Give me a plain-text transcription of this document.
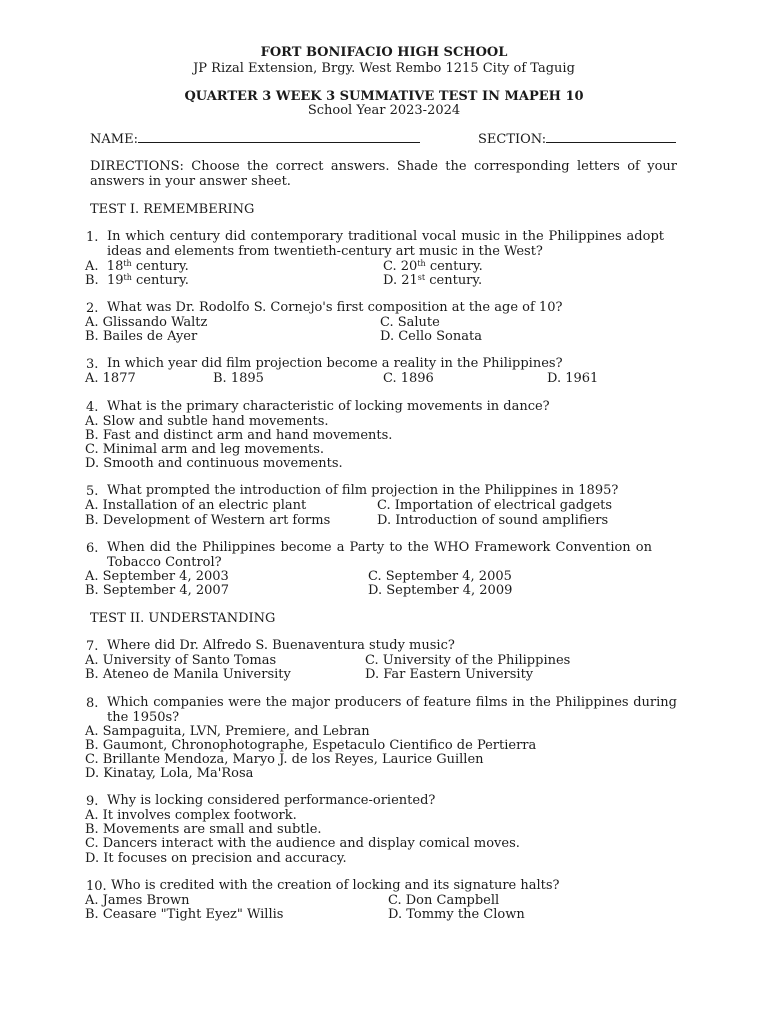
FORT BONIFACIO HIGH SCHOOL
JP Rizal Extension, Brgy. West Rembo 1215 City of Taguig
QUARTER 3 WEEK 3 SUMMATIVE TEST IN MAPEH 10
School Year 2023-2024
NAME:	SECTION:
DIRECTIONS: Choose the correct answers. Shade the corresponding letters of your answers in your answer sheet.
TEST I. REMEMBERING
1. In which century did contemporary traditional vocal music in the Philippines adopt ideas and elements from twentieth-century art music in the West?
A. 18th century.
B. 19th century.
C. 20th century.
D. 21st century.
2. What was Dr. Rodolfo S. Cornejo's first composition at the age of 10?
A. Glissando Waltz
B. Bailes de Ayer
C. Salute
D. Cello Sonata
3. In which year did film projection become a reality in the Philippines?
A. 1877	B. 1895	C. 1896	D. 1961
4. What is the primary characteristic of locking movements in dance?
A. Slow and subtle hand movements.
B. Fast and distinct arm and hand movements.
C. Minimal arm and leg movements.
D. Smooth and continuous movements.
5. What prompted the introduction of film projection in the Philippines in 1895?
A. Installation of an electric plant
B. Development of Western art forms
C. Importation of electrical gadgets
D. Introduction of sound amplifiers
6. When did the Philippines become a Party to the WHO Framework Convention on Tobacco Control?
A. September 4, 2003
B. September 4, 2007
C. September 4, 2005
D. September 4, 2009
TEST II. UNDERSTANDING
7. Where did Dr. Alfredo S. Buenaventura study music?
A. University of Santo Tomas
B. Ateneo de Manila University
C. University of the Philippines
D. Far Eastern University
8. Which companies were the major producers of feature films in the Philippines during the 1950s?
A. Sampaguita, LVN, Premiere, and Lebran
B. Gaumont, Chronophotographe, Espetaculo Cientifico de Pertierra
C. Brillante Mendoza, Maryo J. de los Reyes, Laurice Guillen
D. Kinatay, Lola, Ma'Rosa
9. Why is locking considered performance-oriented?
A. It involves complex footwork.
B. Movements are small and subtle.
C. Dancers interact with the audience and display comical moves.
D. It focuses on precision and accuracy.
10. Who is credited with the creation of locking and its signature halts?
A. James Brown
B. Ceasare "Tight Eyez" Willis
C. Don Campbell
D. Tommy the Clown
